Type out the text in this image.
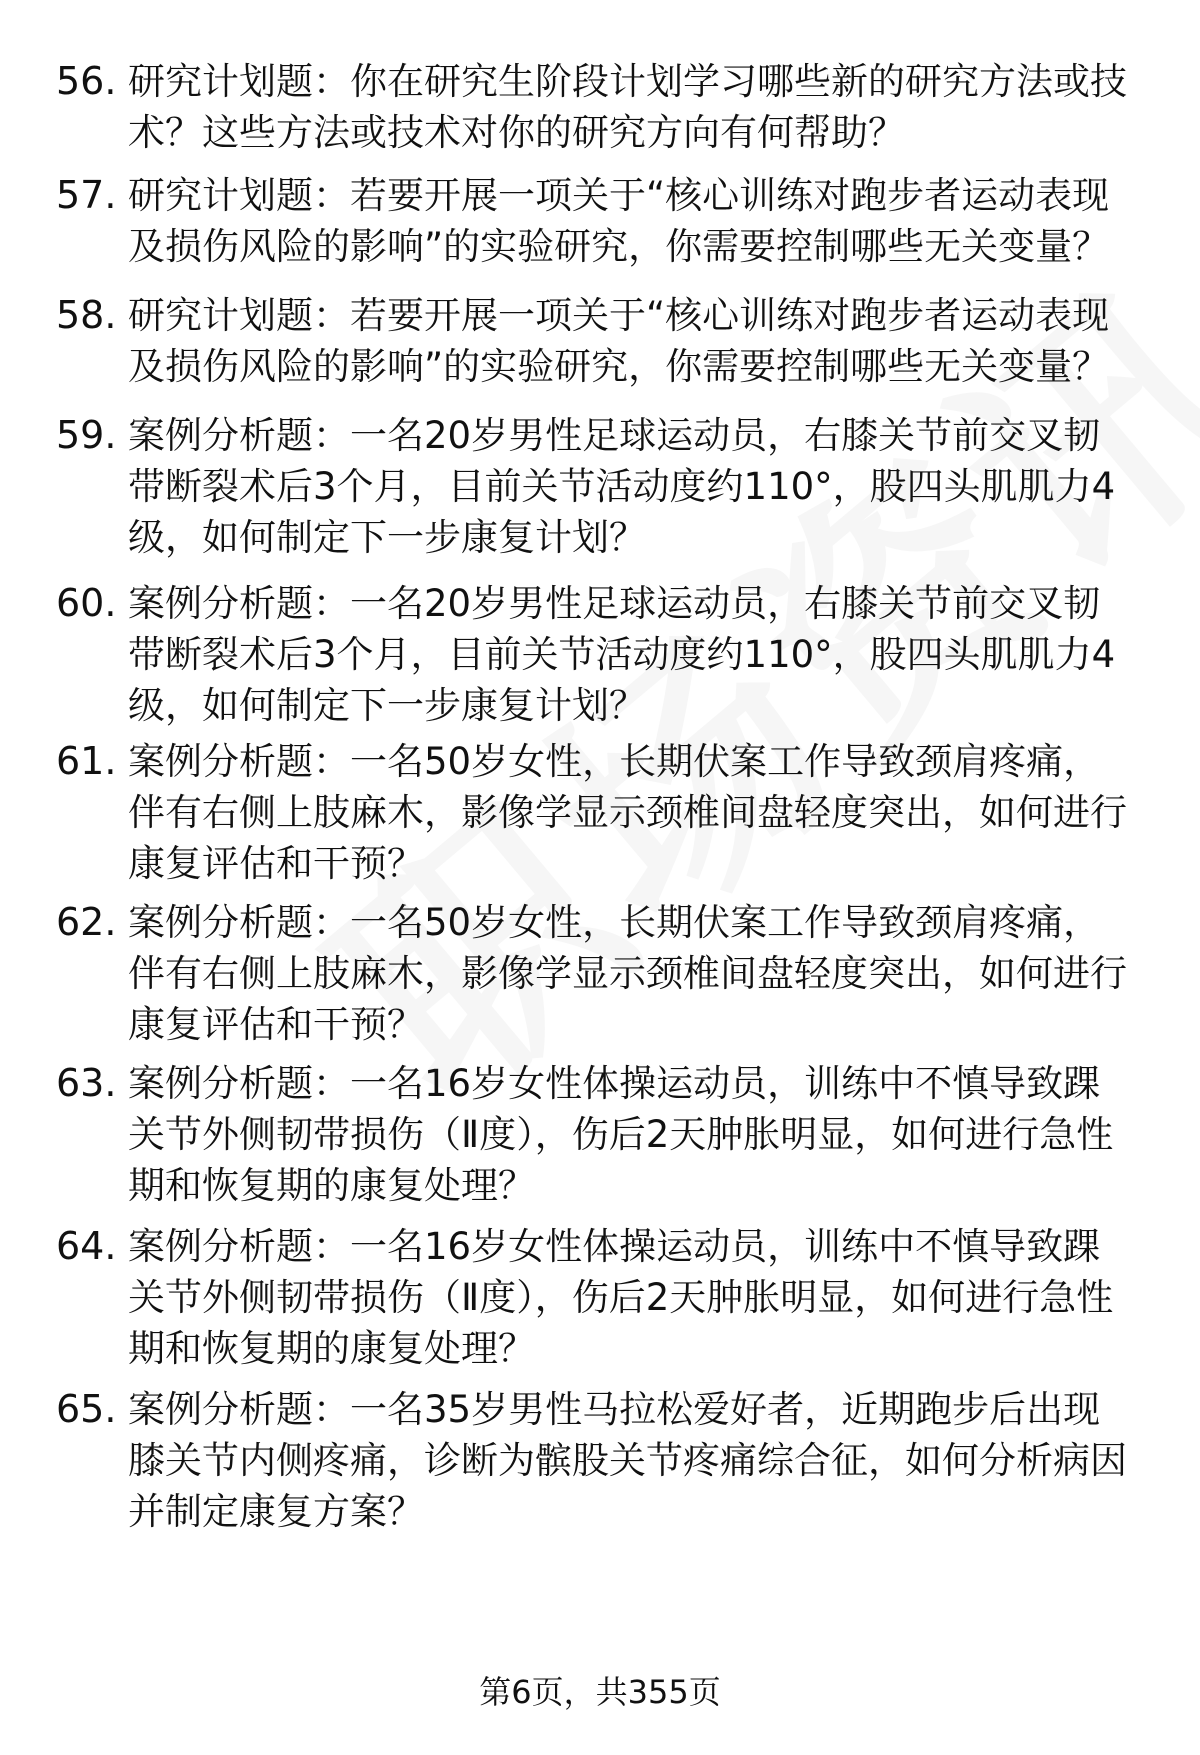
56. 研究计划题：你在研究生阶段计划学习哪些新的研究方法或技术？这些方法或技术对你的研究方向有何帮助？
57. 研究计划题：若要开展一项关于“核心训练对跑步者运动表现及损伤风险的影响”的实验研究，你需要控制哪些无关变量？
58. 研究计划题：若要开展一项关于“核心训练对跑步者运动表现及损伤风险的影响”的实验研究，你需要控制哪些无关变量？
59. 案例分析题：一名20岁男性足球运动员，右膝关节前交叉韧带断裂术后3个月，目前关节活动度约110°，股四头肌肌力4级，如何制定下一步康复计划？
60. 案例分析题：一名20岁男性足球运动员，右膝关节前交叉韧带断裂术后3个月，目前关节活动度约110°，股四头肌肌力4级，如何制定下一步康复计划？
61. 案例分析题：一名50岁女性，长期伏案工作导致颈肩疼痛，伴有右侧上肢麻木，影像学显示颈椎间盘轻度突出，如何进行康复评估和干预？
62. 案例分析题：一名50岁女性，长期伏案工作导致颈肩疼痛，伴有右侧上肢麻木，影像学显示颈椎间盘轻度突出，如何进行康复评估和干预？
63. 案例分析题：一名16岁女性体操运动员，训练中不慎导致踝关节外侧韧带损伤（Ⅱ度），伤后2天肿胀明显，如何进行急性期和恢复期的康复处理？
64. 案例分析题：一名16岁女性体操运动员，训练中不慎导致踝关节外侧韧带损伤（Ⅱ度），伤后2天肿胀明显，如何进行急性期和恢复期的康复处理？
65. 案例分析题：一名35岁男性马拉松爱好者，近期跑步后出现膝关节内侧疼痛，诊断为髌股关节疼痛综合征，如何分析病因并制定康复方案？
第6页，共355页
